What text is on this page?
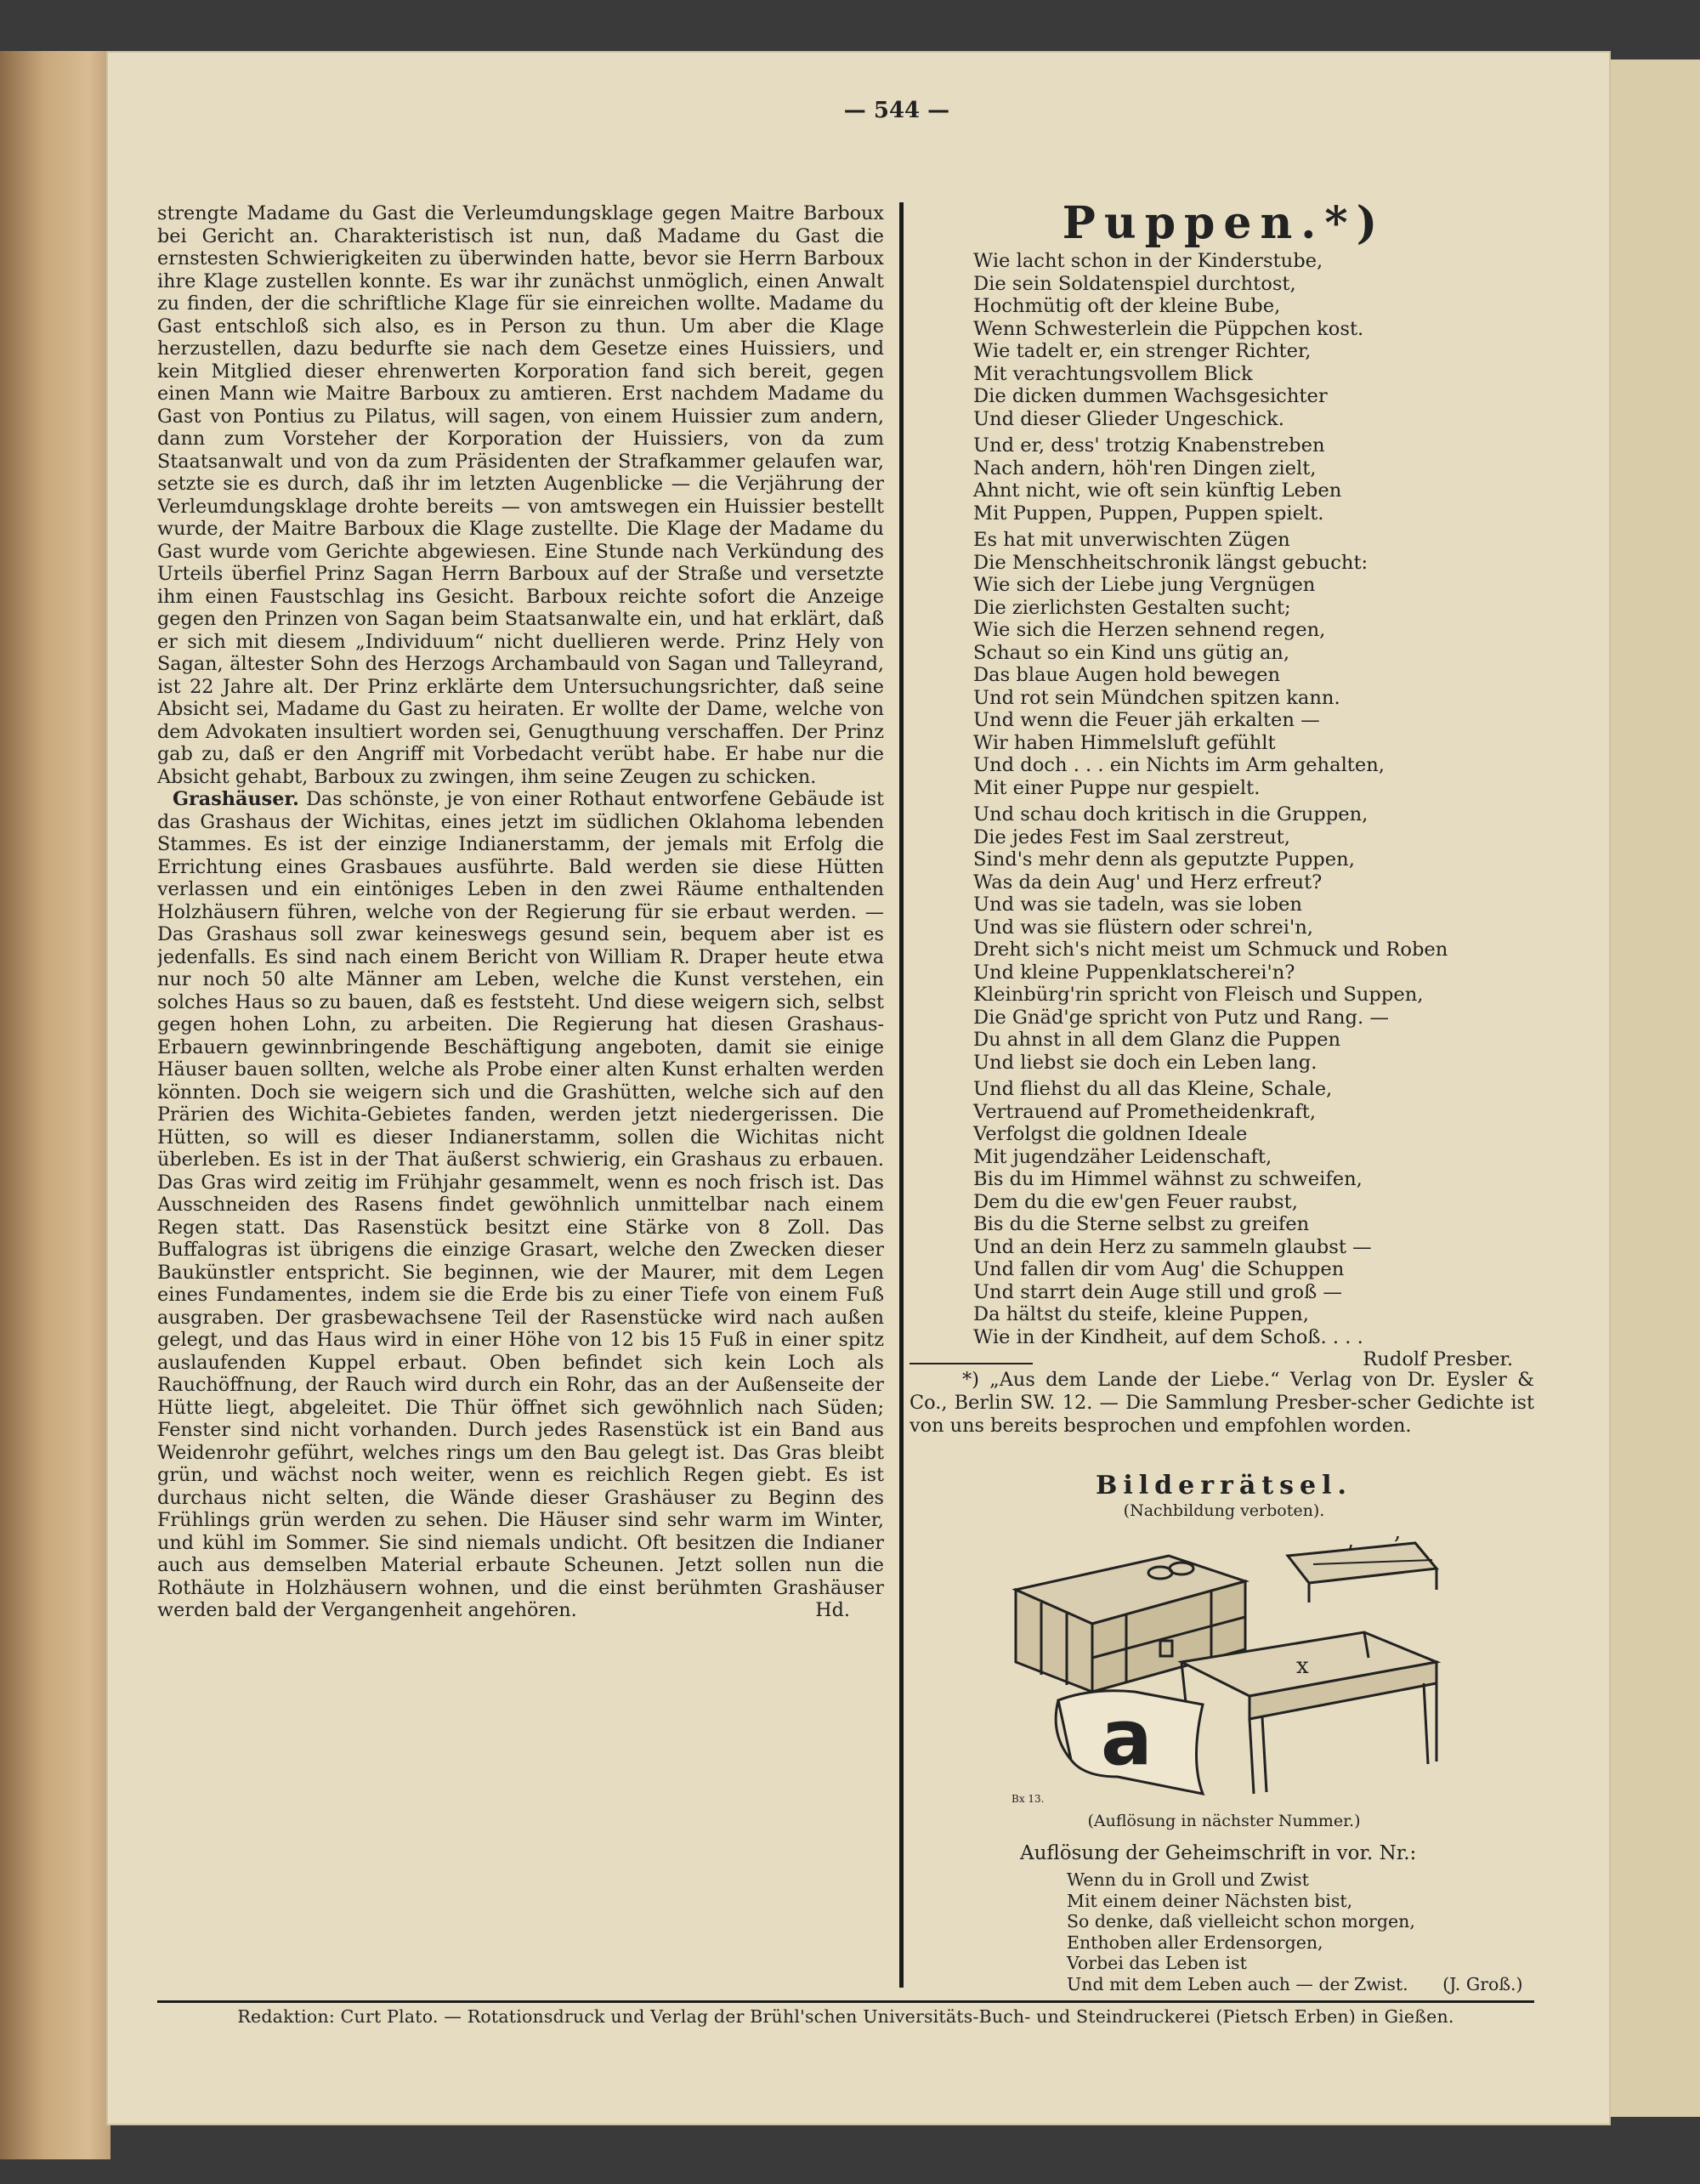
— 544 —

strengte Madame du Gast die Verleumdungsklage gegen Maitre Barboux bei Gericht an. Charakteristisch ist nun, daß Madame du Gast die ernstesten Schwierigkeiten zu überwinden hatte, bevor sie Herrn Barboux ihre Klage zustellen konnte. Es war ihr zunächst unmöglich, einen Anwalt zu finden, der die schriftliche Klage für sie einreichen wollte. Madame du Gast entschloß sich also, es in Person zu thun. Um aber die Klage herzustellen, dazu bedurfte sie nach dem Gesetze eines Huissiers, und kein Mitglied dieser ehrenwerten Korporation fand sich bereit, gegen einen Mann wie Maitre Barboux zu amtieren. Erst nachdem Madame du Gast von Pontius zu Pilatus, will sagen, von einem Huissier zum andern, dann zum Vorsteher der Korporation der Huissiers, von da zum Staatsanwalt und von da zum Präsidenten der Strafkammer gelaufen war, setzte sie es durch, daß ihr im letzten Augenblicke — die Verjährung der Verleumdungsklage drohte bereits — von amtswegen ein Huissier bestellt wurde, der Maitre Barboux die Klage zustellte. Die Klage der Madame du Gast wurde vom Gerichte abgewiesen. Eine Stunde nach Verkündung des Urteils überfiel Prinz Sagan Herrn Barboux auf der Straße und versetzte ihm einen Faustschlag ins Gesicht. Barboux reichte sofort die Anzeige gegen den Prinzen von Sagan beim Staatsanwalte ein, und hat erklärt, daß er sich mit diesem „Individuum“ nicht duellieren werde. Prinz Hely von Sagan, ältester Sohn des Herzogs Archambauld von Sagan und Talleyrand, ist 22 Jahre alt. Der Prinz erklärte dem Untersuchungsrichter, daß seine Absicht sei, Madame du Gast zu heiraten. Er wollte der Dame, welche von dem Advokaten insultiert worden sei, Genugthuung verschaffen. Der Prinz gab zu, daß er den Angriff mit Vorbedacht verübt habe. Er habe nur die Absicht gehabt, Barboux zu zwingen, ihm seine Zeugen zu schicken.

Grashäuser. Das schönste, je von einer Rothaut entworfene Gebäude ist das Grashaus der Wichitas, eines jetzt im südlichen Oklahoma lebenden Stammes. Es ist der einzige Indianerstamm, der jemals mit Erfolg die Errichtung eines Grasbaues ausführte. Bald werden sie diese Hütten verlassen und ein eintöniges Leben in den zwei Räume enthaltenden Holzhäusern führen, welche von der Regierung für sie erbaut werden. — Das Grashaus soll zwar keineswegs gesund sein, bequem aber ist es jedenfalls. Es sind nach einem Bericht von William R. Draper heute etwa nur noch 50 alte Männer am Leben, welche die Kunst verstehen, ein solches Haus so zu bauen, daß es feststeht. Und diese weigern sich, selbst gegen hohen Lohn, zu arbeiten. Die Regierung hat diesen Grashaus-Erbauern gewinnbringende Beschäftigung angeboten, damit sie einige Häuser bauen sollten, welche als Probe einer alten Kunst erhalten werden könnten. Doch sie weigern sich und die Grashütten, welche sich auf den Prärien des Wichita-Gebietes fanden, werden jetzt niedergerissen. Die Hütten, so will es dieser Indianerstamm, sollen die Wichitas nicht überleben. Es ist in der That äußerst schwierig, ein Grashaus zu erbauen. Das Gras wird zeitig im Frühjahr gesammelt, wenn es noch frisch ist. Das Ausschneiden des Rasens findet gewöhnlich unmittelbar nach einem Regen statt. Das Rasenstück besitzt eine Stärke von 8 Zoll. Das Buffalogras ist übrigens die einzige Grasart, welche den Zwecken dieser Baukünstler entspricht. Sie beginnen, wie der Maurer, mit dem Legen eines Fundamentes, indem sie die Erde bis zu einer Tiefe von einem Fuß ausgraben. Der grasbewachsene Teil der Rasenstücke wird nach außen gelegt, und das Haus wird in einer Höhe von 12 bis 15 Fuß in einer spitz auslaufenden Kuppel erbaut. Oben befindet sich kein Loch als Rauchöffnung, der Rauch wird durch ein Rohr, das an der Außenseite der Hütte liegt, abgeleitet. Die Thür öffnet sich gewöhnlich nach Süden; Fenster sind nicht vorhanden. Durch jedes Rasenstück ist ein Band aus Weidenrohr geführt, welches rings um den Bau gelegt ist. Das Gras bleibt grün, und wächst noch weiter, wenn es reichlich Regen giebt. Es ist durchaus nicht selten, die Wände dieser Grashäuser zu Beginn des Frühlings grün werden zu sehen. Die Häuser sind sehr warm im Winter, und kühl im Sommer. Sie sind niemals undicht. Oft besitzen die Indianer auch aus demselben Material erbaute Scheunen. Jetzt sollen nun die Rothäute in Holzhäusern wohnen, und die einst berühmten Grashäuser werden bald der Vergangenheit angehören.	Hd.

Puppen.*)
Wie lacht schon in der Kinderstube,
Die sein Soldatenspiel durchtost,
Hochmütig oft der kleine Bube,
Wenn Schwesterlein die Püppchen kost.
Wie tadelt er, ein strenger Richter,
Mit verachtungsvollem Blick
Die dicken dummen Wachsgesichter
Und dieser Glieder Ungeschick.
Und er, dess' trotzig Knabenstreben
Nach andern, höh'ren Dingen zielt,
Ahnt nicht, wie oft sein künftig Leben
Mit Puppen, Puppen, Puppen spielt.
Es hat mit unverwischten Zügen
Die Menschheitschronik längst gebucht:
Wie sich der Liebe jung Vergnügen
Die zierlichsten Gestalten sucht;
Wie sich die Herzen sehnend regen,
Schaut so ein Kind uns gütig an,
Das blaue Augen hold bewegen
Und rot sein Mündchen spitzen kann.
Und wenn die Feuer jäh erkalten —
Wir haben Himmelsluft gefühlt
Und doch . . . ein Nichts im Arm gehalten,
Mit einer Puppe nur gespielt.
Und schau doch kritisch in die Gruppen,
Die jedes Fest im Saal zerstreut,
Sind's mehr denn als geputzte Puppen,
Was da dein Aug' und Herz erfreut?
Und was sie tadeln, was sie loben
Und was sie flüstern oder schrei'n,
Dreht sich's nicht meist um Schmuck und Roben
Und kleine Puppenklatscherei'n?
Kleinbürg'rin spricht von Fleisch und Suppen,
Die Gnäd'ge spricht von Putz und Rang. —
Du ahnst in all dem Glanz die Puppen
Und liebst sie doch ein Leben lang.
Und fliehst du all das Kleine, Schale,
Vertrauend auf Prometheidenkraft,
Verfolgst die goldnen Ideale
Mit jugendzäher Leidenschaft,
Bis du im Himmel wähnst zu schweifen,
Dem du die ew'gen Feuer raubst,
Bis du die Sterne selbst zu greifen
Und an dein Herz zu sammeln glaubst —
Und fallen dir vom Aug' die Schuppen
Und starrt dein Auge still und groß —
Da hältst du steife, kleine Puppen,
Wie in der Kindheit, auf dem Schoß. . . .
Rudolf Presber.
*) „Aus dem Lande der Liebe.“ Verlag von Dr. Eysler & Co., Berlin SW. 12. — Die Sammlung Presber-scher Gedichte ist von uns bereits besprochen und empfohlen worden.
Bilderrätsel.
(Nachbildung verboten).
, ,
x
a
Bx 13.
(Auflösung in nächster Nummer.)
Auflösung der Geheimschrift in vor. Nr.:
Wenn du in Groll und Zwist
Mit einem deiner Nächsten bist,
So denke, daß vielleicht schon morgen,
Enthoben aller Erdensorgen,
Vorbei das Leben ist
Und mit dem Leben auch — der Zwist. (J. Groß.)
Redaktion: Curt Plato. — Rotationsdruck und Verlag der Brühl'schen Universitäts-Buch- und Steindruckerei (Pietsch Erben) in Gießen.
